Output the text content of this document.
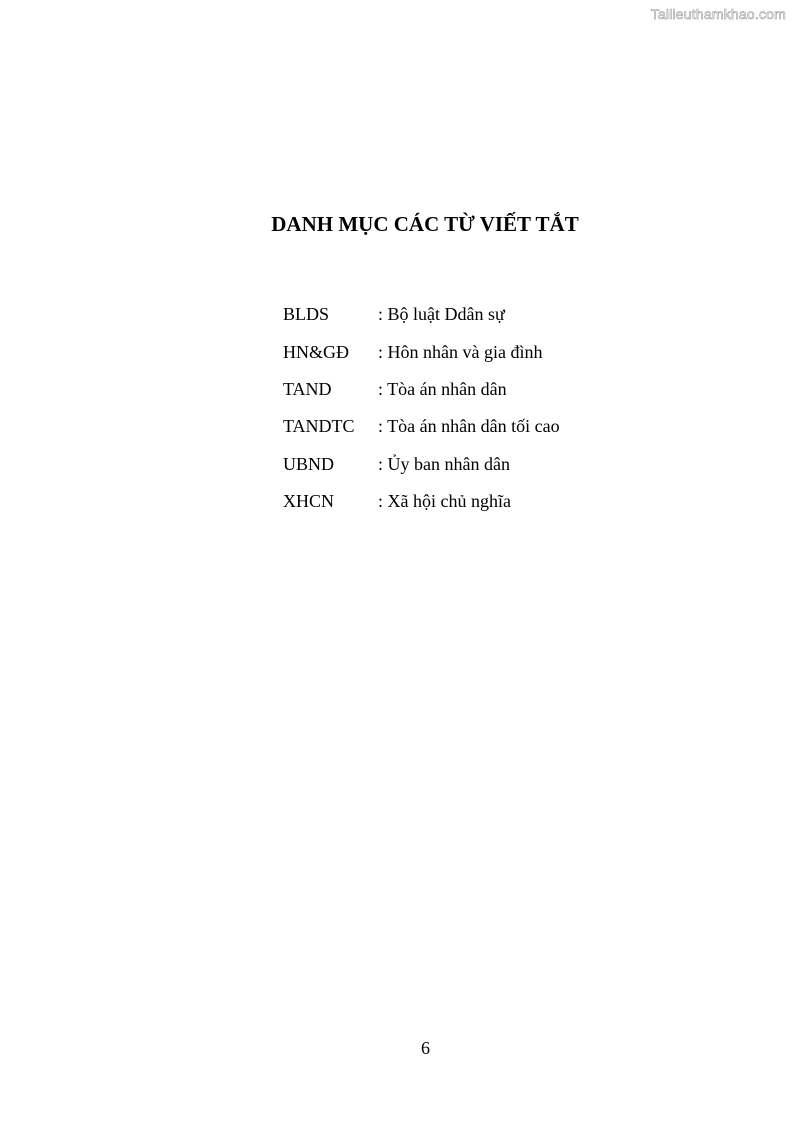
Tailieuthamkhao.com
DANH MỤC CÁC TỪ VIẾT TẮT
BLDS	: Bộ luật Ddân sự
HN&GĐ	: Hôn nhân và gia đình
TAND	: Tòa án nhân dân
TANDTC	: Tòa án nhân dân tối cao
UBND	: Ủy ban nhân dân
XHCN	: Xã hội chủ nghĩa

6
